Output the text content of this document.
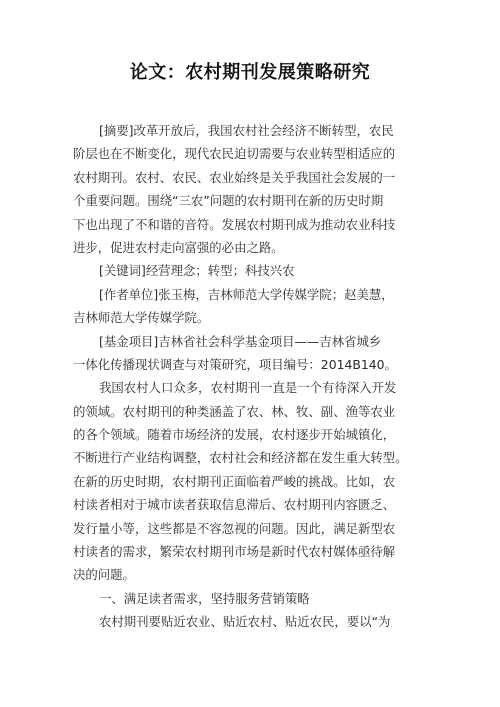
论文：农村期刊发展策略研究
[摘要]改革开放后，我国农村社会经济不断转型，农民
阶层也在不断变化，现代农民迫切需要与农业转型相适应的
农村期刊。农村、农民、农业始终是关乎我国社会发展的一
个重要问题。围绕“三农”问题的农村期刊在新的历史时期
下也出现了不和谐的音符。发展农村期刊成为推动农业科技
进步，促进农村走向富强的必由之路。
[关键词]经营理念；转型；科技兴农
[作者单位]张玉梅，吉林师范大学传媒学院；赵美慧，
吉林师范大学传媒学院。
[基金项目]吉林省社会科学基金项目——吉林省城乡
一体化传播现状调查与对策研究，项目编号：2014B140。
我国农村人口众多，农村期刊一直是一个有待深入开发
的领域。农村期刊的种类涵盖了农、林、牧、副、渔等农业
的各个领域。随着市场经济的发展，农村逐步开始城镇化，
不断进行产业结构调整，农村社会和经济都在发生重大转型。
在新的历史时期，农村期刊正面临着严峻的挑战。比如，农
村读者相对于城市读者获取信息滞后、农村期刊内容匮乏、
发行量小等，这些都是不容忽视的问题。因此，满足新型农
村读者的需求，繁荣农村期刊市场是新时代农村媒体亟待解
决的问题。
一、满足读者需求，坚持服务营销策略
农村期刊要贴近农业、贴近农村、贴近农民，要以“为
